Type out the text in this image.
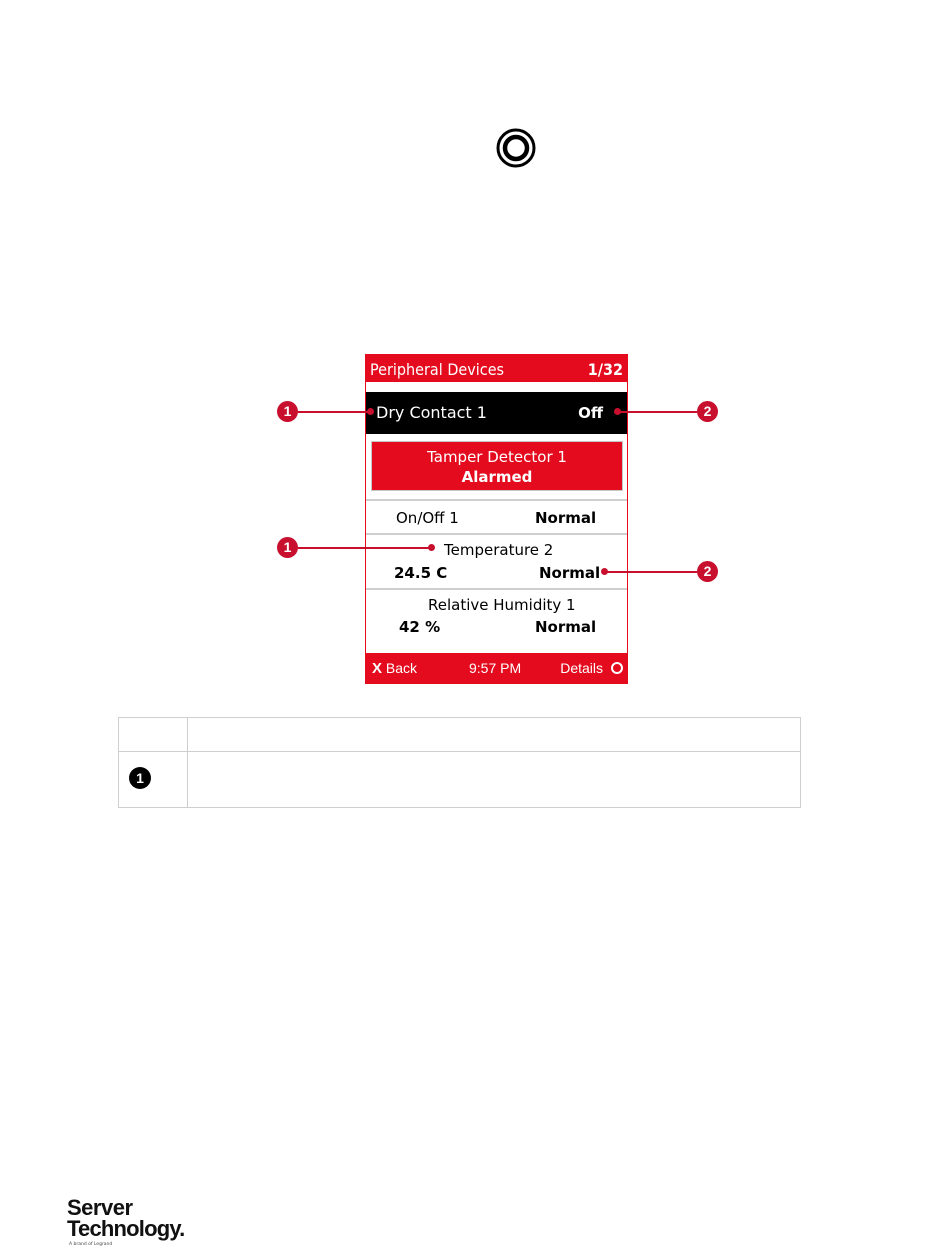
Peripheral Devices	1/32
Dry Contact 1	Off
Tamper Detector 1
Alarmed
On/Off 1	Normal
Temperature 2
24.5 C	Normal
Relative Humidity 1
42 %	Normal
X Back	9:57 PM	Details
1	2
1
2
1
Server
Technology.
A brand of Legrand
